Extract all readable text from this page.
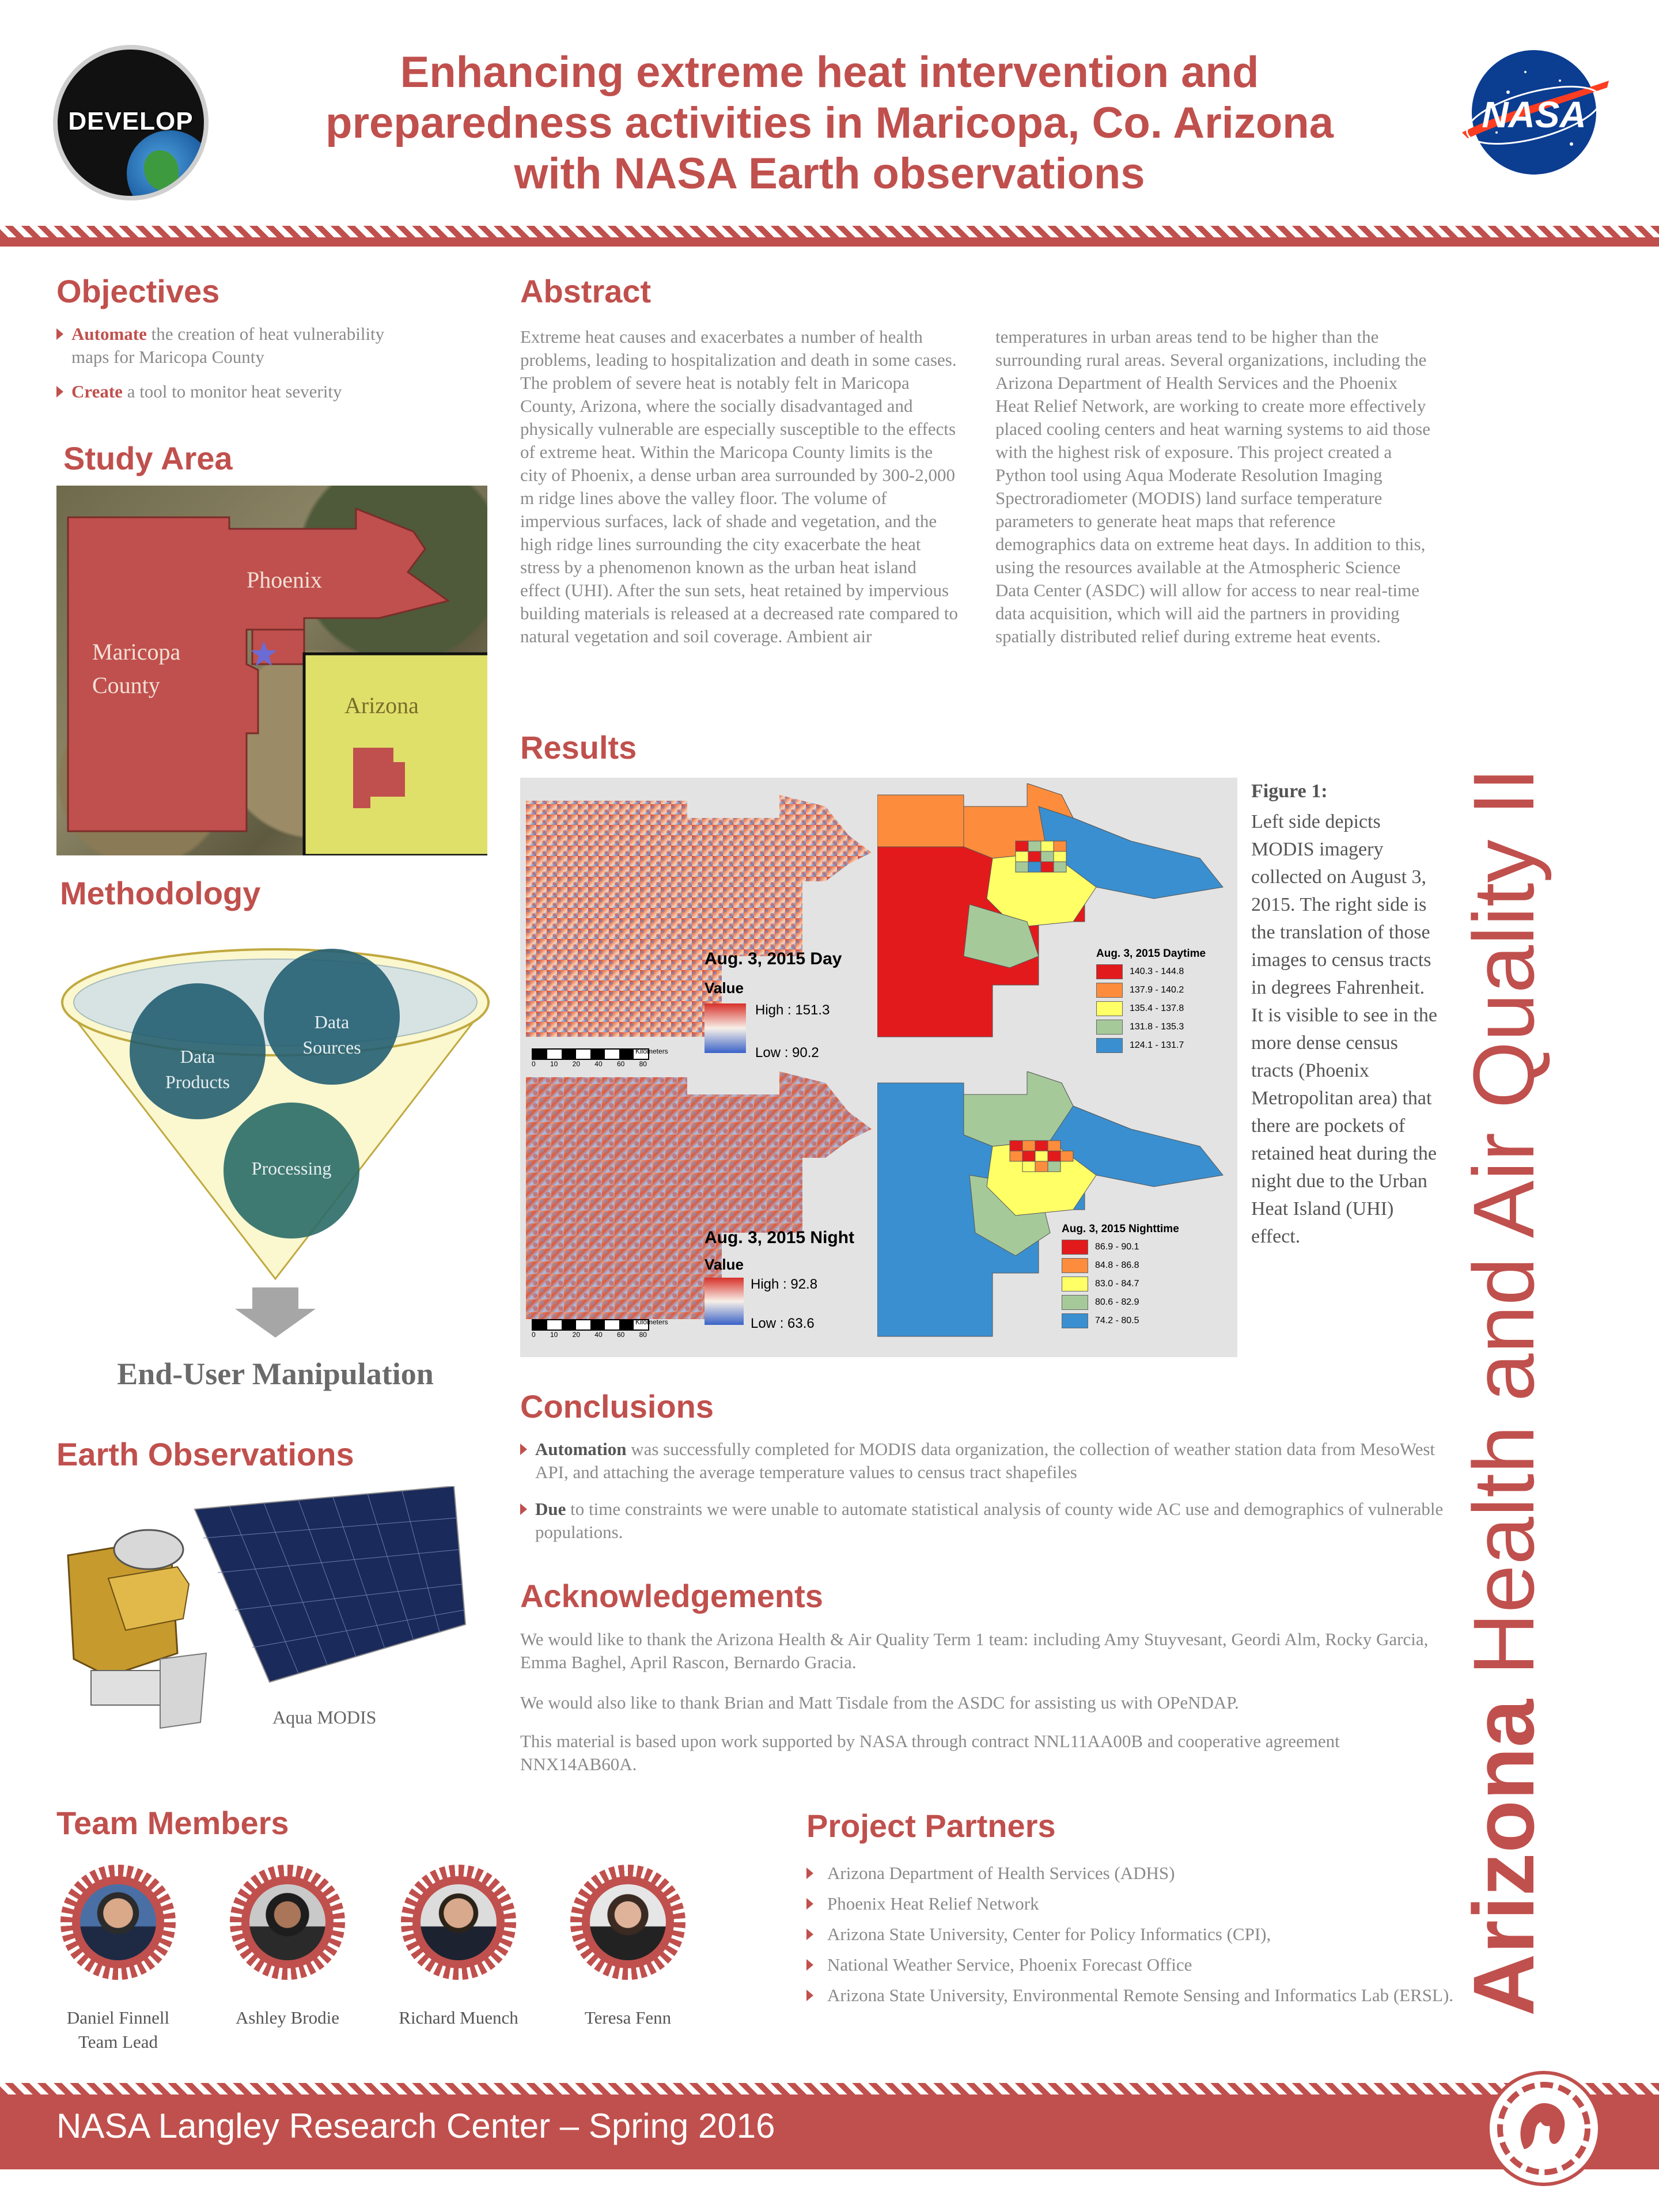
DEVELOP
Enhancing extreme heat intervention and
preparedness activities in Maricopa, Co. Arizona
with NASA Earth observations
NASA
Objectives
Automate the creation of heat vulnerability maps for Maricopa County
Create a tool to monitor heat severity
Study Area
Phoenix
Maricopa County
Arizona
Methodology
Data Products
Data Sources
Processing
End-User Manipulation
Earth Observations
Aqua MODIS
Abstract
Extreme heat causes and exacerbates a number of health problems, leading to hospitalization and death in some cases. The problem of severe heat is notably felt in Maricopa County, Arizona, where the socially disadvantaged and physically vulnerable are especially susceptible to the effects of extreme heat. Within the Maricopa County limits is the city of Phoenix, a dense urban area surrounded by 300-2,000 m ridge lines above the valley floor. The volume of impervious surfaces, lack of shade and vegetation, and the high ridge lines surrounding the city exacerbate the heat stress by a phenomenon known as the urban heat island effect (UHI). After the sun sets, heat retained by impervious building materials is released at a decreased rate compared to natural vegetation and soil coverage. Ambient air
temperatures in urban areas tend to be higher than the surrounding rural areas. Several organizations, including the Arizona Department of Health Services and the Phoenix Heat Relief Network, are working to create more effectively placed cooling centers and heat warning systems to aid those with the highest risk of exposure. This project created a Python tool using Aqua Moderate Resolution Imaging Spectroradiometer (MODIS) land surface temperature parameters to generate heat maps that reference demographics data on extreme heat days. In addition to this, using the resources available at the Atmospheric Science Data Center (ASDC) will allow for access to near real-time data acquisition, which will aid the partners in providing spatially distributed relief during extreme heat events.
Results
Aug. 3, 2015 Day
Value
High : 151.3
Low : 90.2
0 10 20 40 60 80
Kilometers
Aug. 3, 2015 Daytime
140.3 - 144.8
137.9 - 140.2
135.4 - 137.8
131.8 - 135.3
124.1 - 131.7
Aug. 3, 2015 Night
Value
High : 92.8
Low : 63.6
0 10 20 40 60 80
Kilometers
Aug. 3, 2015 Nighttime
86.9 - 90.1
84.8 - 86.8
83.0 - 84.7
80.6 - 82.9
74.2 - 80.5
Figure 1:
Left side depicts MODIS imagery collected on August 3, 2015. The right side is the translation of those images to census tracts in degrees Fahrenheit. It is visible to see in the more dense census tracts (Phoenix Metropolitan area) that there are pockets of retained heat during the night due to the Urban Heat Island (UHI) effect.
Conclusions
Automation was successfully completed for MODIS data organization, the collection of weather station data from MesoWest API, and attaching the average temperature values to census tract shapefiles
Due to time constraints we were unable to automate statistical analysis of county wide AC use and demographics of vulnerable populations.
Acknowledgements
We would like to thank the Arizona Health & Air Quality Term 1 team: including Amy Stuyvesant, Geordi Alm, Rocky Garcia, Emma Baghel, April Rascon, Bernardo Gracia.
We would also like to thank Brian and Matt Tisdale from the ASDC for assisting us with OPeNDAP.
This material is based upon work supported by NASA through contract NNL11AA00B and cooperative agreement NNX14AB60A.	Arizona Health and Air Quality II
Team Members
Daniel Finnell
Team Lead
Ashley Brodie	Richard Muench	Teresa Fenn
Project Partners
Arizona Department of Health Services (ADHS)
Phoenix Heat Relief Network
Arizona State University, Center for Policy Informatics (CPI),
National Weather Service, Phoenix Forecast Office
Arizona State University, Environmental Remote Sensing and Informatics Lab (ERSL).
NASA Langley Research Center – Spring 2016
